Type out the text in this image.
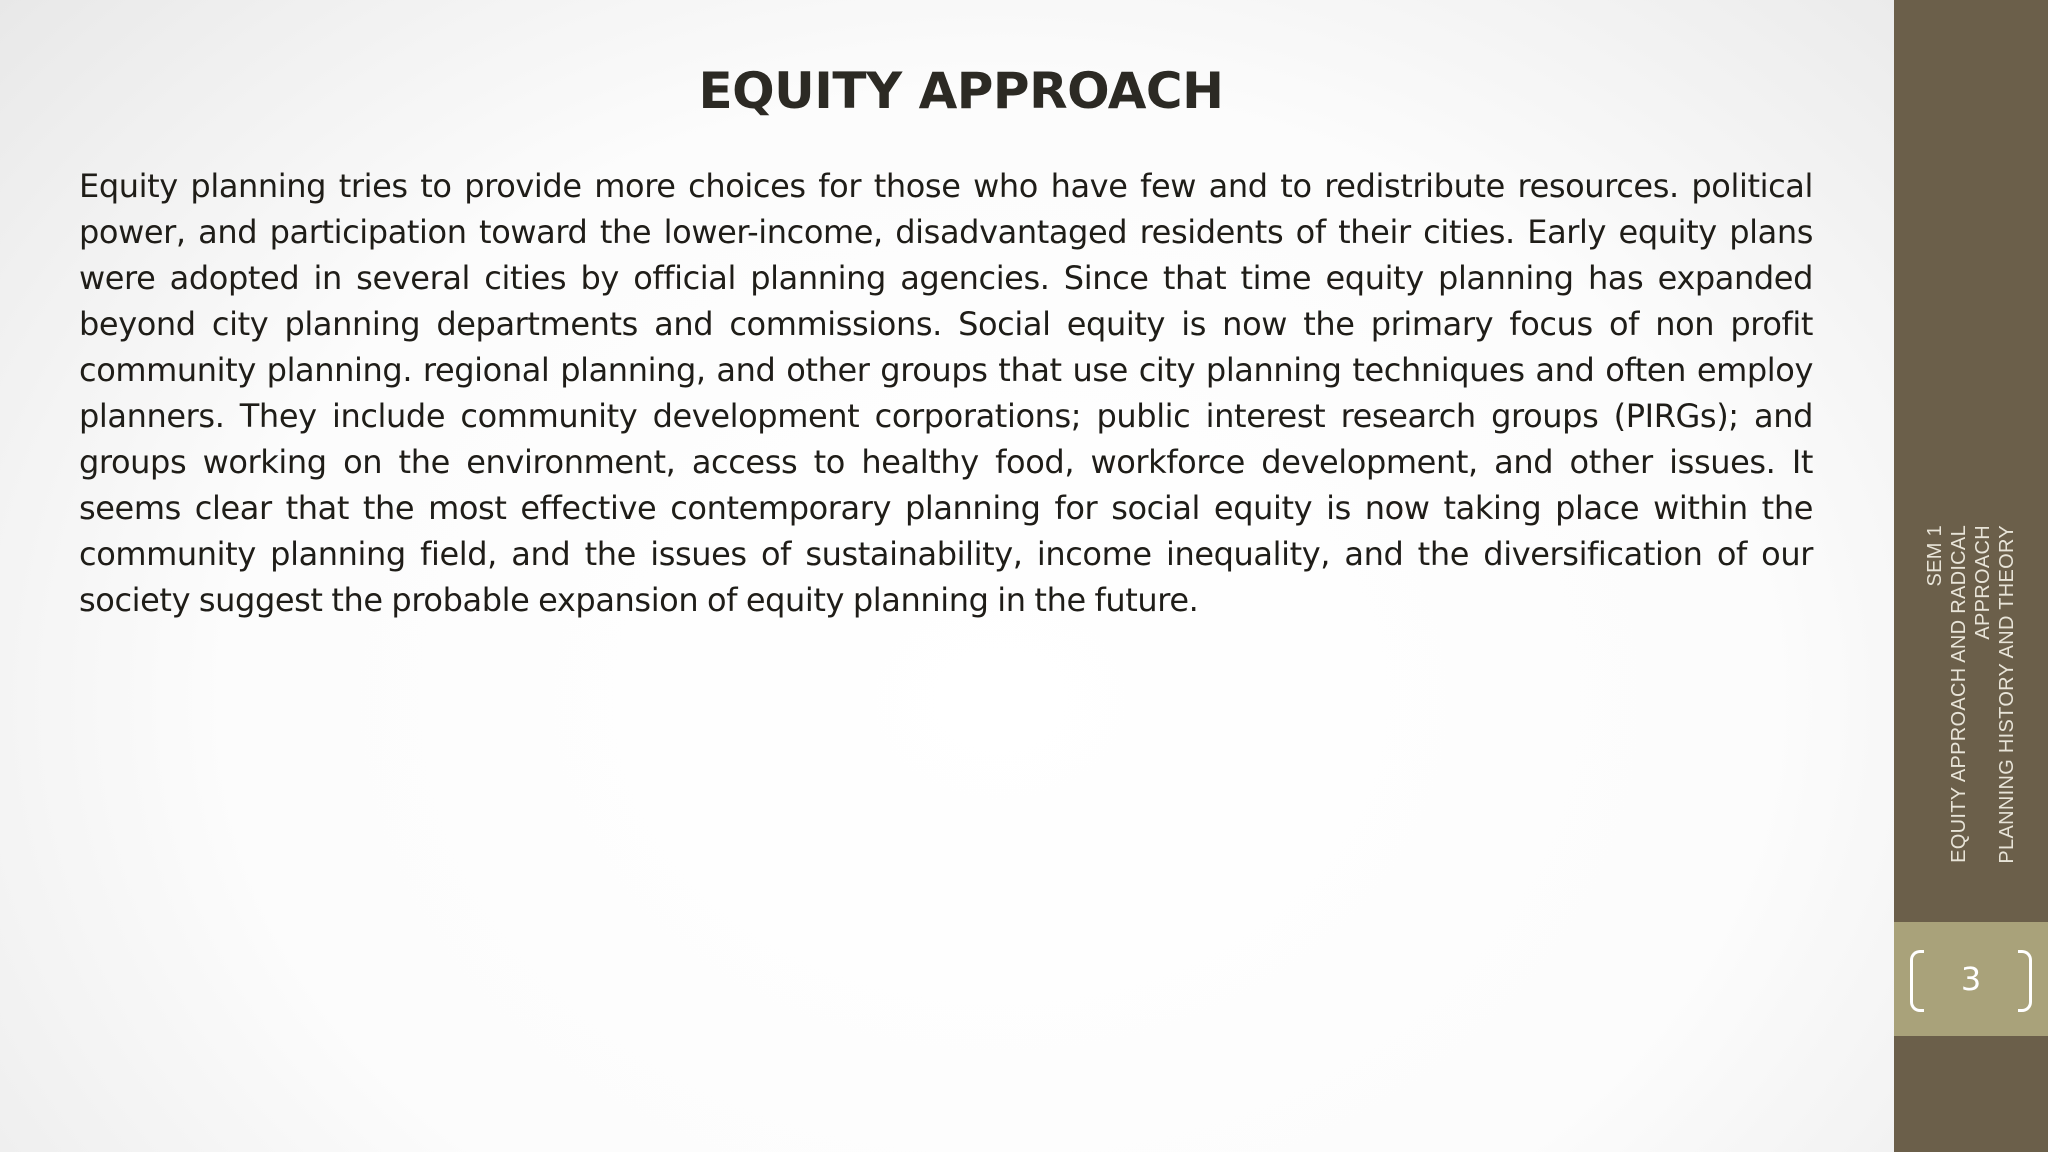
EQUITY APPROACH

Equity planning tries to provide more choices for those who have few and to redistribute resources. political power, and participation toward the lower-income, disadvantaged residents of their cities. Early equity plans were adopted in several cities by official planning agencies. Since that time equity planning has expanded beyond city planning departments and commissions. Social equity is now the primary focus of non profit community planning. regional planning, and other groups that use city planning techniques and often employ planners. They include community development corporations; public interest research groups (PIRGs); and groups working on the environment, access to healthy food, workforce development, and other issues. It seems clear that the most effective contemporary planning for social equity is now taking place within the community planning field, and the issues of sustainability, income inequality, and the diversification of our society suggest the probable expansion of equity planning in the future.

SEM 1 EQUITY APPROACH AND RADICAL APPROACH PLANNING HISTORY AND THEORY
3
